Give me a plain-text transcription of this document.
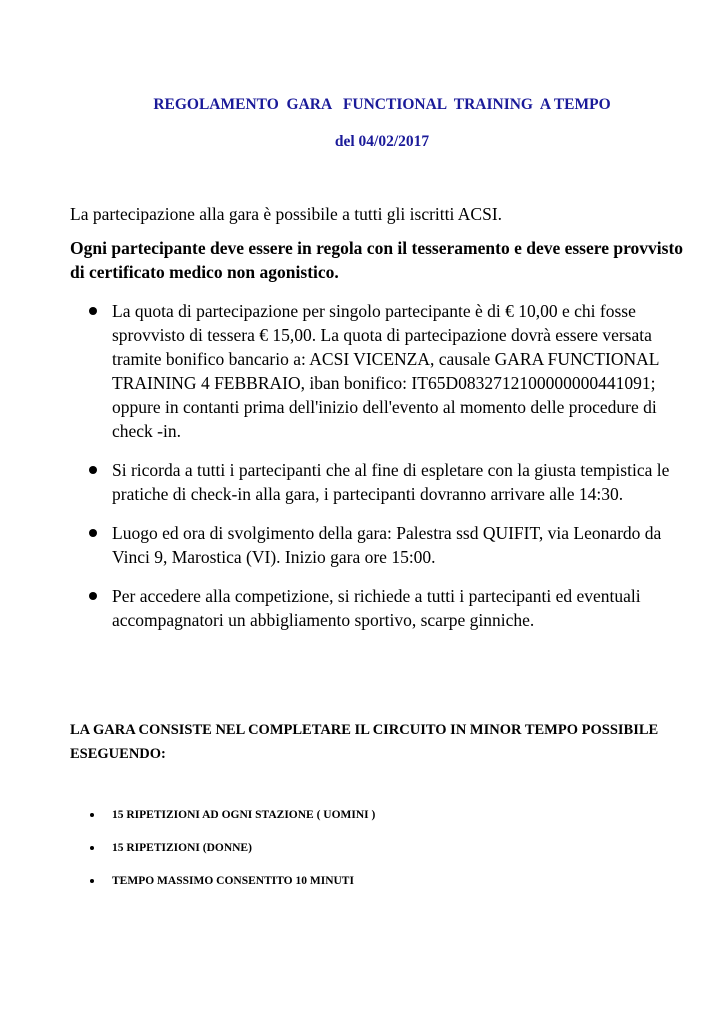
REGOLAMENTO  GARA   FUNCTIONAL  TRAINING  A TEMPO
del 04/02/2017
La partecipazione alla gara è possibile a tutti gli iscritti ACSI.
Ogni partecipante deve essere in regola con il tesseramento e deve essere provvisto di certificato medico non agonistico.
La quota di partecipazione per singolo partecipante è di € 10,00 e chi fosse
sprovvisto di tessera € 15,00. La quota di partecipazione dovrà essere versata
tramite bonifico bancario a: ACSI VICENZA, causale GARA FUNCTIONAL
TRAINING 4 FEBBRAIO, iban bonifico: IT65D0832712100000000441091;
oppure in contanti prima dell'inizio dell'evento al momento delle procedure di
check -in.
Si ricorda a tutti i partecipanti che al fine di espletare con la giusta tempistica le
pratiche di check-in alla gara, i partecipanti dovranno arrivare alle 14:30.
Luogo ed ora di svolgimento della gara: Palestra ssd QUIFIT, via Leonardo da
Vinci 9, Marostica (VI). Inizio gara ore 15:00.
Per accedere alla competizione, si richiede a tutti i partecipanti ed eventuali
accompagnatori un abbigliamento sportivo, scarpe ginniche.
LA GARA CONSISTE NEL COMPLETARE IL CIRCUITO IN MINOR TEMPO POSSIBILE ESEGUENDO:
15 RIPETIZIONI AD OGNI STAZIONE ( UOMINI )
15 RIPETIZIONI (DONNE)
TEMPO MASSIMO CONSENTITO 10 MINUTI
